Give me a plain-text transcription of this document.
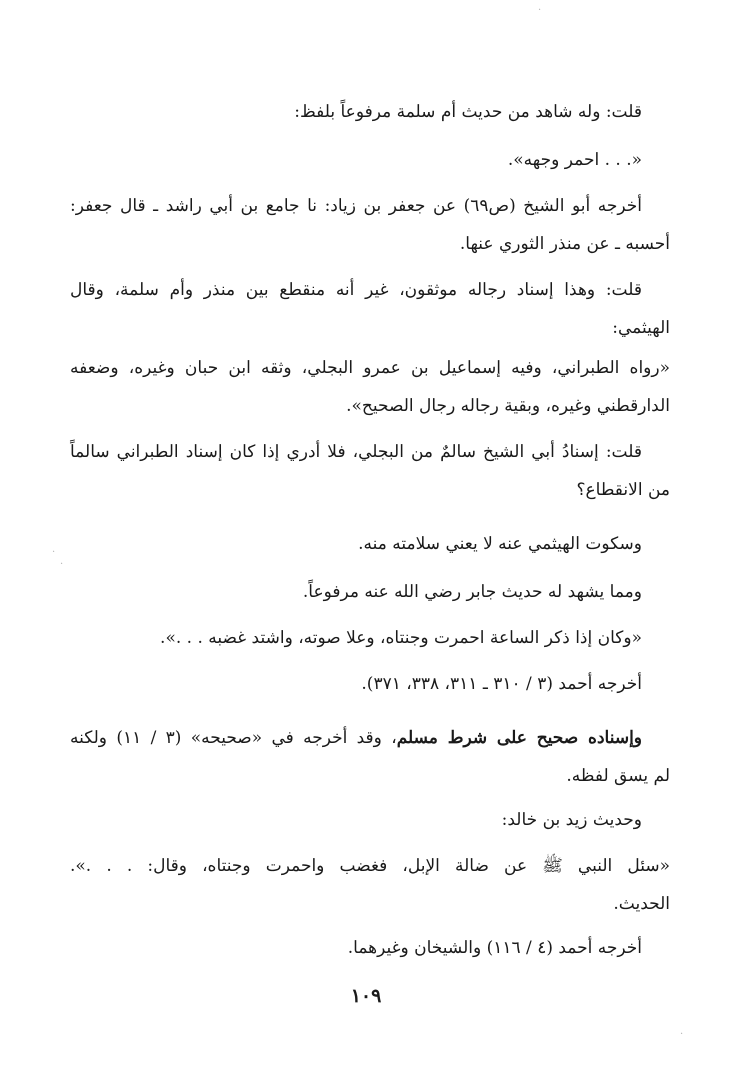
قلت: وله شاهد من حديث أم سلمة مرفوعاً بلفظ:
«. . . احمر وجهه».
أخرجه أبو الشيخ (ص٦٩) عن جعفر بن زياد: نا جامع بن أبي راشد ـ قال جعفر:
أحسبه ـ عن منذر الثوري عنها.
قلت: وهذا إسناد رجاله موثقون، غير أنه منقطع بين منذر وأم سلمة، وقال
الهيثمي:
«رواه الطبراني، وفيه إسماعيل بن عمرو البجلي، وثقه ابن حبان وغيره، وضعفه
الدارقطني وغيره، وبقية رجاله رجال الصحيح».
قلت: إسنادُ أبي الشيخ سالمٌ من البجلي، فلا أدري إذا كان إسناد الطبراني سالماً
من الانقطاع؟
وسكوت الهيثمي عنه لا يعني سلامته منه.
ومما يشهد له حديث جابر رضي الله عنه مرفوعاً.
«وكان إذا ذكر الساعة احمرت وجنتاه، وعلا صوته، واشتد غضبه . . .».
أخرجه أحمد (٣ / ٣١٠ ـ ٣١١، ٣٣٨، ٣٧١).
وإسناده صحيح على شرط مسلم، وقد أخرجه في «صحيحه» (٣ / ١١) ولكنه
لم يسق لفظه.
وحديث زيد بن خالد:
«سئل النبي ﷺ عن ضالة الإبل، فغضب واحمرت وجنتاه، وقال: . . .».
الحديث.
أخرجه أحمد (٤ / ١١٦) والشيخان وغيرهما.
١٠٩
·
·
·
·
